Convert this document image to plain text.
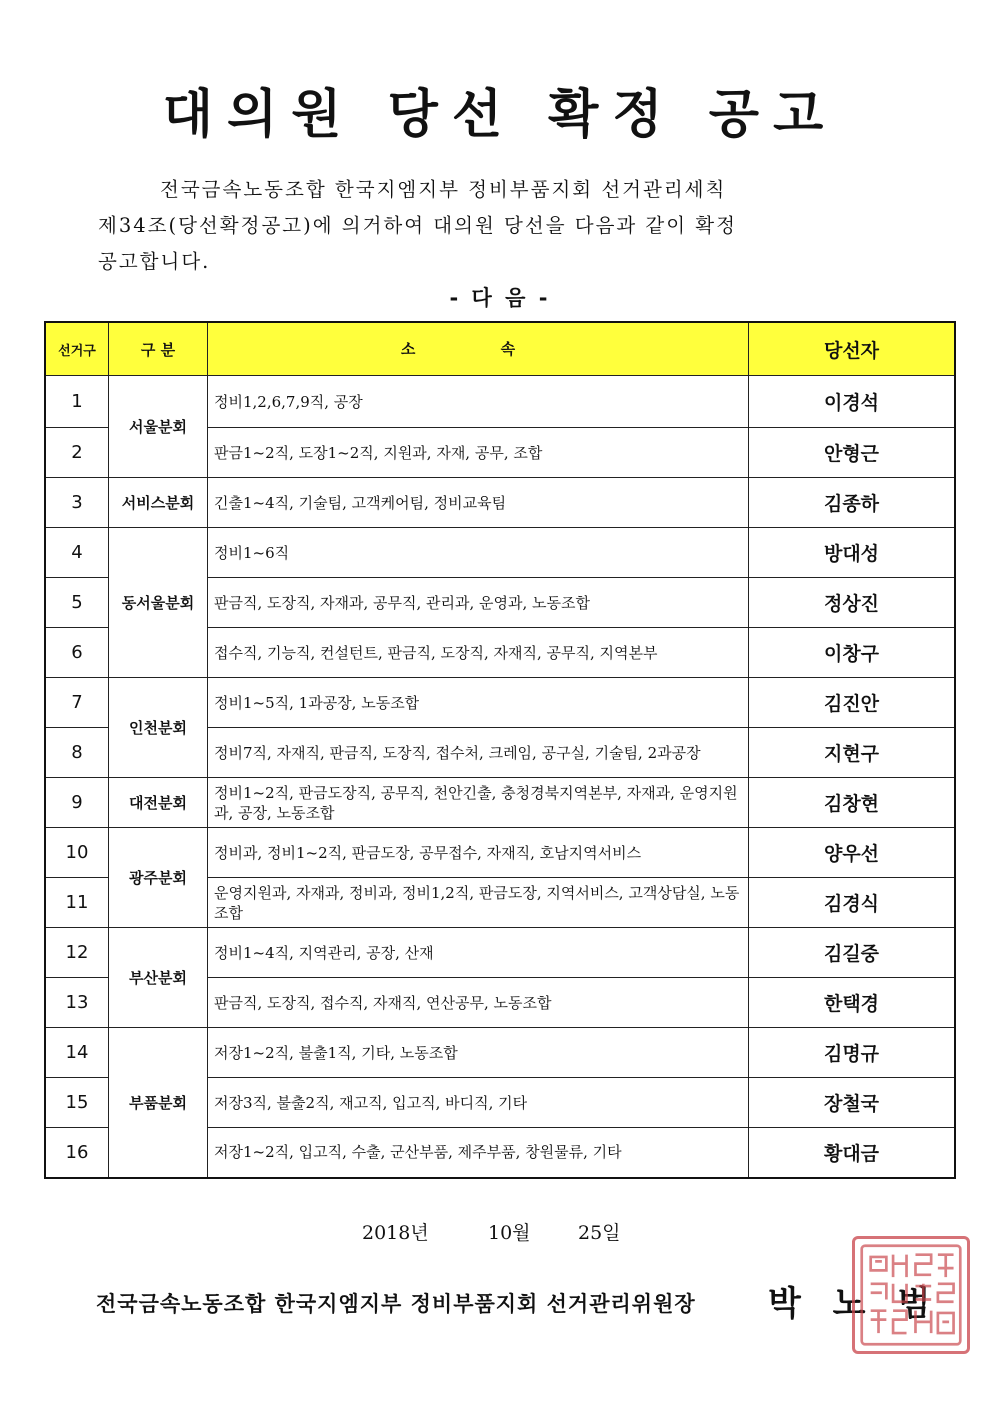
대의원 당선 확정 공고
전국금속노동조합 한국지엠지부 정비부품지회 선거관리세칙
제34조(당선확정공고)에 의거하여 대의원 당선을 다음과 같이 확정
공고합니다.
- 다 음 -
선거구	구 분	소 속	당선자
1	서울분회	정비1,2,6,7,9직, 공장	이경석
2		판금1~2직, 도장1~2직, 지원과, 자재, 공무, 조합	안형근
3	서비스분회	긴출1~4직, 기술팀, 고객케어팀, 정비교육팀	김종하
4	동서울분회	정비1~6직	방대성
5		판금직, 도장직, 자재과, 공무직, 관리과, 운영과, 노동조합	정상진
6		접수직, 기능직, 컨설턴트, 판금직, 도장직, 자재직, 공무직, 지역본부	이창구
7	인천분회	정비1~5직, 1과공장, 노동조합	김진안
8		정비7직, 자재직, 판금직, 도장직, 접수처, 크레임, 공구실, 기술팀, 2과공장	지현구
9	대전분회	정비1~2직, 판금도장직, 공무직, 천안긴출, 충청경북지역본부, 자재과, 운영지원과, 공장, 노동조합	김창현
10	광주분회	정비과, 정비1~2직, 판금도장, 공무접수, 자재직, 호남지역서비스	양우선
11		운영지원과, 자재과, 정비과, 정비1,2직, 판금도장, 지역서비스, 고객상담실, 노동조합	김경식
12	부산분회	정비1~4직, 지역관리, 공장, 산재	김길중
13		판금직, 도장직, 접수직, 자재직, 연산공무, 노동조합	한택경
14	부품분회	저장1~2직, 불출1직, 기타, 노동조합	김명규
15		저장3직, 불출2직, 재고직, 입고직, 바디직, 기타	장철국
16		저장1~2직, 입고직, 수출, 군산부품, 제주부품, 창원물류, 기타	황대금
2018년	10월 25일
전국금속노동조합 한국지엠지부 정비부품지회 선거관리위원장 박 노 범
